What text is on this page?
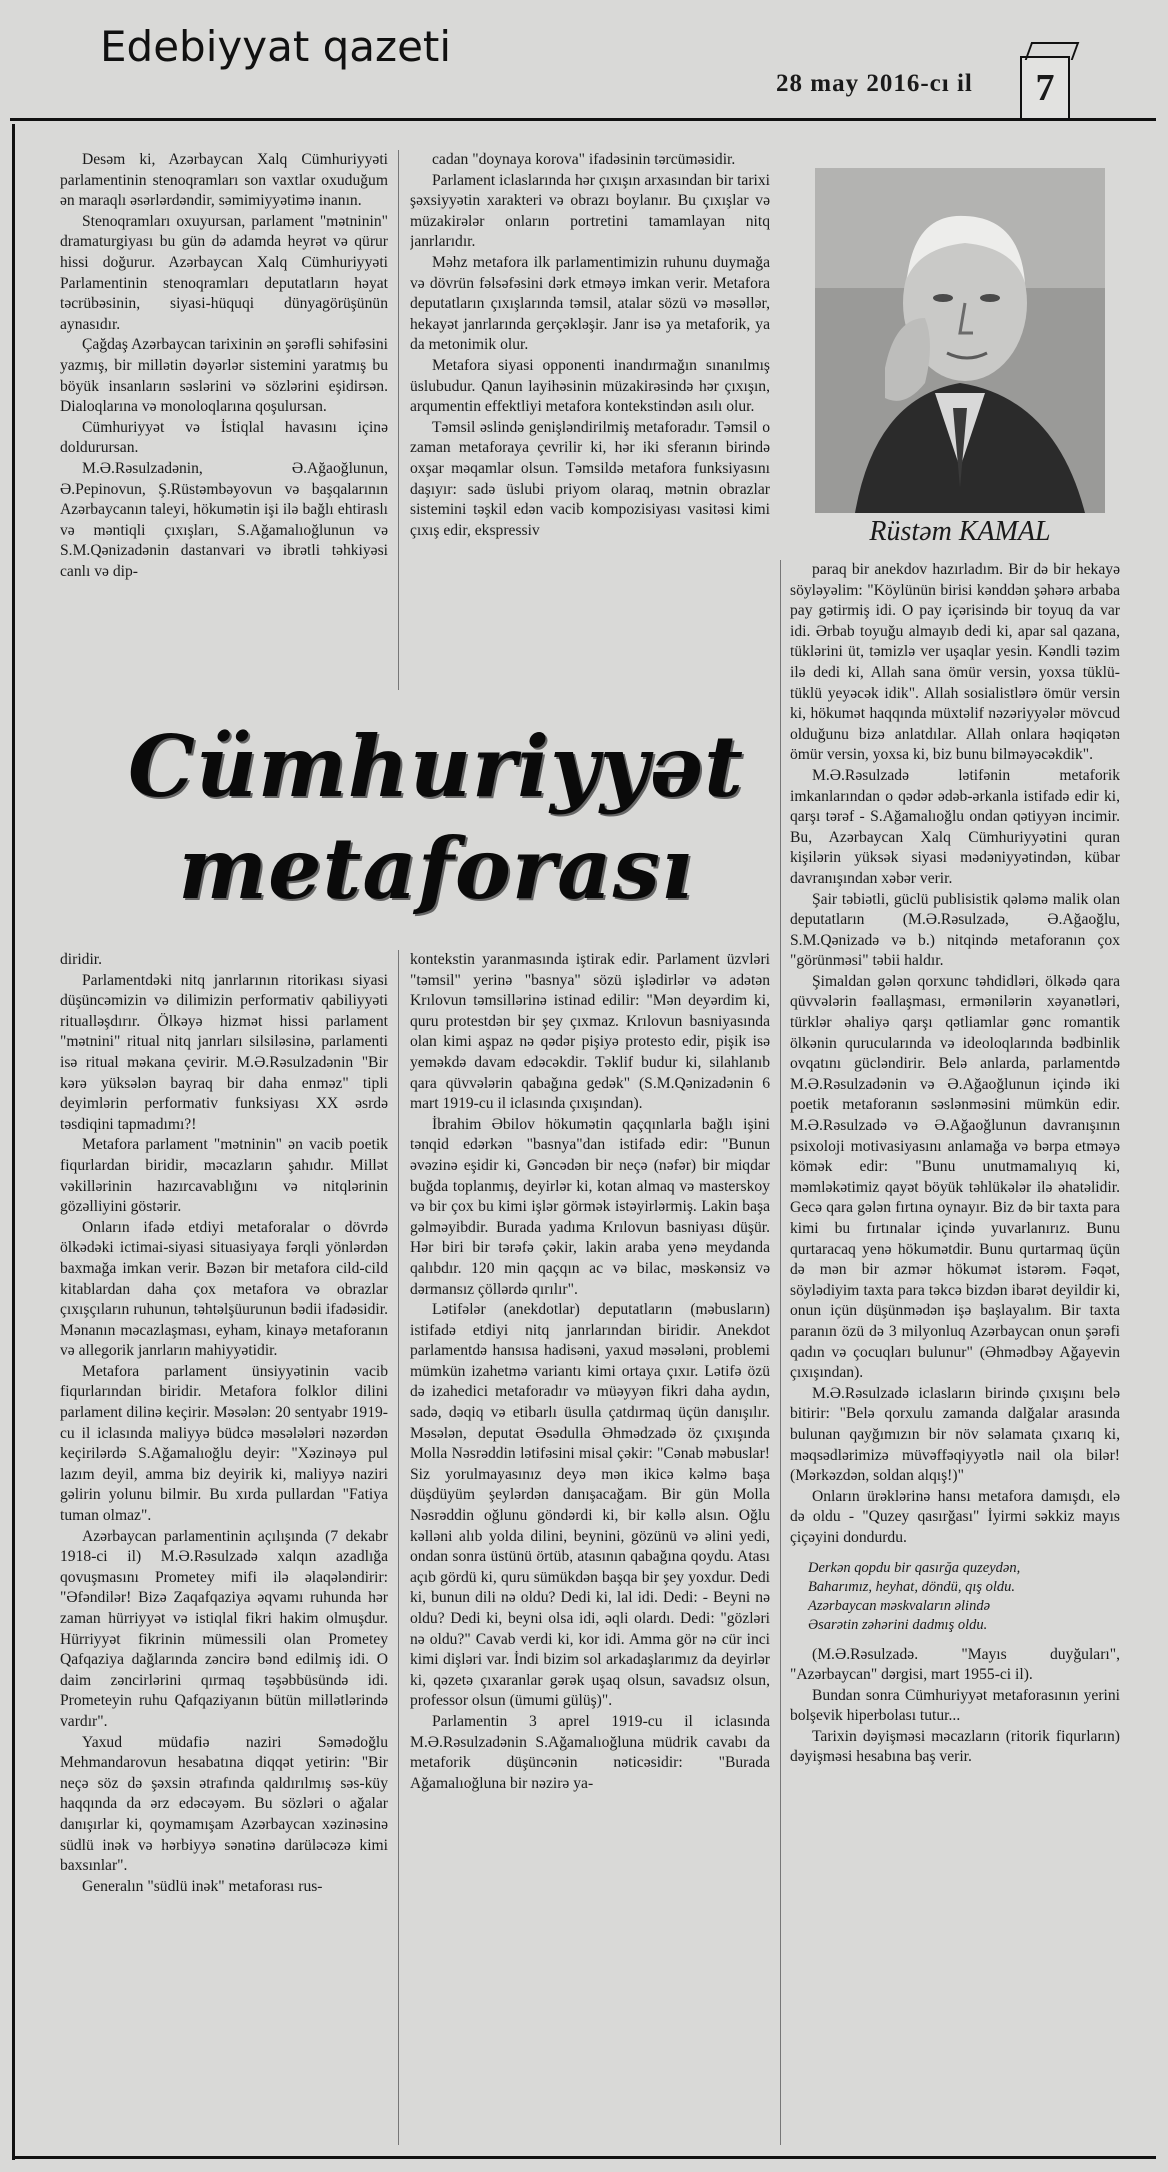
Edebiyyat qazeti
28 may 2016-cı il	7

Desəm ki, Azərbaycan Xalq Cümhuriyyəti parlamentinin stenoqramları son vaxtlar oxuduğum ən maraqlı əsərlərdəndir, səmimiyyətimə inanın.

Stenoqramları oxuyursan, parlament "mətninin" dramaturgiyası bu gün də adamda heyrət və qürur hissi doğurur. Azərbaycan Xalq Cümhuriyyəti Parlamentinin stenoqramları deputatların həyat təcrübəsinin, siyasi-hüquqi dünyagörüşünün aynasıdır.

Çağdaş Azərbaycan tarixinin ən şərəfli səhifəsini yazmış, bir millətin dəyərlər sistemini yaratmış bu böyük insanların səslərini və sözlərini eşidirsən. Dialoqlarına və monoloqlarına qoşulursan.

Cümhuriyyət və İstiqlal havasını içinə doldurursan.

M.Ə.Rəsulzadənin, Ə.Ağaoğlunun, Ə.Pepinovun, Ş.Rüstəmbəyovun və başqalarının Azərbaycanın taleyi, hökumətin işi ilə bağlı ehtiraslı və məntiqli çıxışları, S.Ağamalıoğlunun və S.M.Qənizadənin dastanvari və ibrətli təhkiyəsi canlı və dip-

cadan "doynaya korova" ifadəsinin tərcüməsidir.

Parlament iclaslarında hər çıxışın arxasından bir tarixi şəxsiyyətin xarakteri və obrazı boylanır. Bu çıxışlar və müzakirələr onların portretini tamamlayan nitq janrlarıdır.

Məhz metafora ilk parlamentimizin ruhunu duymağa və dövrün fəlsəfəsini dərk etməyə imkan verir. Metafora deputatların çıxışlarında təmsil, atalar sözü və məsəllər, hekayət janrlarında gerçəkləşir. Janr isə ya metaforik, ya da metonimik olur.

Metafora siyasi opponenti inandırmağın sınanılmış üslubudur. Qanun layihəsinin müzakirəsində hər çıxışın, arqumentin effektliyi metafora kontekstindən asılı olur.

Təmsil əslində genişləndirilmiş metaforadır. Təmsil o zaman metaforaya çevrilir ki, hər iki sferanın birində oxşar məqamlar olsun. Təmsildə metafora funksiyasını daşıyır: sadə üslubi priyom olaraq, mətnin obrazlar sistemini təşkil edən vacib kompozisiyası vasitəsi kimi çıxış edir, ekspressiv	Rüstəm KAMAL
Cümhuriyyət
metaforası

paraq bir anekdov hazırladım. Bir də bir hekayə söyləyəlim: "Köylünün birisi kənddən şəhərə arbaba pay gətirmiş idi. O pay içərisində bir toyuq da var idi. Ərbab toyuğu almayıb dedi ki, apar sal qazana, tüklərini üt, təmizlə ver uşaqlar yesin. Kəndli təzim ilə dedi ki, Allah sana ömür versin, yoxsa tüklü-tüklü yeyəcək idik". Allah sosialistlərə ömür versin ki, hökumət haqqında müxtəlif nəzəriyyələr mövcud olduğunu bizə anlatdılar. Allah onlara həqiqətən ömür versin, yoxsa ki, biz bunu bilməyəcəkdik".

M.Ə.Rəsulzadə lətifənin metaforik imkanlarından o qədər ədəb-ərkanla istifadə edir ki, qarşı tərəf - S.Ağamalıoğlu ondan qətiyyən incimir. Bu, Azərbaycan Xalq Cümhuriyyətini quran kişilərin yüksək siyasi mədəniyyətindən, kübar davranışından xəbər verir.

Şair təbiətli, güclü publisistik qələmə malik olan deputatların (M.Ə.Rəsulzadə, Ə.Ağaoğlu, S.M.Qənizadə və b.) nitqində metaforanın çox "görünməsi" təbii haldır.

Şimaldan gələn qorxunc təhdidləri, ölkədə qara qüvvələrin fəallaşması, ermənilərin xəyanətləri, türklər əhaliyə qarşı qətliamlar gənc romantik ölkənin qurucularında və ideoloqlarında bədbinlik ovqatını gücləndirir. Belə anlarda, parlamentdə M.Ə.Rəsulzadənin və Ə.Ağaoğlunun içində iki poetik metaforanın səslənməsini mümkün edir. M.Ə.Rəsulzadə və Ə.Ağaoğlunun davranışının psixoloji motivasiyasını anlamağa və bərpa etməyə kömək edir: "Bunu unutmamalıyıq ki, məmləkətimiz qayət böyük təhlükələr ilə əhatəlidir. Gecə qara gələn fırtına oynayır. Biz də bir taxta para kimi bu fırtınalar içində yuvarlanırız. Bunu qurtaracaq yenə hökumətdir. Bunu qurtarmaq üçün də mən bir azmər hökumət istərəm. Fəqət, söylədiyim taxta para təkcə bizdən ibarət deyildir ki, onun içün düşünmədən işə başlayalım. Bir taxta paranın özü də 3 milyonluq Azərbaycan onun şərəfi qadın və çocuqları bulunur" (Əhmədbəy Ağayevin çıxışından).

M.Ə.Rəsulzadə iclasların birində çıxışını belə bitirir: "Belə qorxulu zamanda dalğalar arasında bulunan qayğımızın bir növ səlamata çıxarıq ki, məqsədlərimizə müvəffəqiyyətlə nail ola bilər! (Mərkəzdən, soldan alqış!)"

Onların ürəklərinə hansı metafora damışdı, elə də oldu - "Quzey qasırğası" İyirmi səkkiz mayıs çiçəyini dondurdu.

Derkən qopdu bir qasırğa quzeydən,
Baharımız, heyhat, döndü, qış oldu.
Azərbaycan məskvaların əlində
Əsarətin zəhərini dadmış oldu.

(M.Ə.Rəsulzadə. "Mayıs duyğuları", "Azərbaycan" dərgisi, mart 1955-ci il).

Bundan sonra Cümhuriyyət metaforasının yerini bolşevik hiperbolası tutur...

Tarixin dəyişməsi məcazların (ritorik fiqurların) dəyişməsi hesabına baş verir.

diridir.

Parlamentdəki nitq janrlarının ritorikası siyasi düşüncəmizin və dilimizin performativ qabiliyyəti ritualləşdırır. Ölkəyə hizmət hissi parlament "mətnini" ritual nitq janrları silsiləsinə, parlamenti isə ritual məkana çevirir. M.Ə.Rəsulzadənin "Bir kərə yüksələn bayraq bir daha enməz" tipli deyimlərin performativ funksiyası XX əsrdə təsdiqini tapmadımı?!

Metafora parlament "mətninin" ən vacib poetik fiqurlardan biridir, məcazların şahıdır. Millət vəkillərinin hazırcavablığını və nitqlərinin gözəlliyini göstərir.

Onların ifadə etdiyi metaforalar o dövrdə ölkədəki ictimai-siyasi situasiyaya fərqli yönlərdən baxmağa imkan verir. Bəzən bir metafora cild-cild kitablardan daha çox metafora və obrazlar çıxışçıların ruhunun, təhtəlşüurunun bədii ifadəsidir. Mənanın məcazlaşması, eyham, kinayə metaforanın və allegorik janrların mahiyyətidir.

Metafora parlament ünsiyyətinin vacib fiqurlarından biridir. Metafora folklor dilini parlament dilinə keçirir. Məsələn: 20 sentyabr 1919-cu il iclasında maliyyə büdcə məsələləri nəzərdən keçirilərdə S.Ağamalıoğlu deyir: "Xəzinəyə pul lazım deyil, amma biz deyirik ki, maliyyə naziri gəlirin yolunu bilmir. Bu xırda pullardan "Fatiya tuman olmaz".

Azərbaycan parlamentinin açılışında (7 dekabr 1918-ci il) M.Ə.Rəsulzadə xalqın azadlığa qovuşmasını Prometey mifi ilə əlaqələndirir: "Əfəndilər! Bizə Zaqafqaziya əqvamı ruhunda hər zaman hürriyyət və istiqlal fikri hakim olmuşdur. Hürriyyət fikrinin mümessili olan Prometey Qafqaziya dağlarında zəncirə bənd edilmiş idi. O daim zəncirlərini qırmaq təşəbbüsündə idi. Prometeyin ruhu Qafqaziyanın bütün millətlərində vardır".

Yaxud müdafiə naziri Səmədoğlu Mehmandarovun hesabatına diqqət yetirin: "Bir neçə söz də şəxsin ətrafında qaldırılmış səs-küy haqqında da ərz edəcəyəm. Bu sözləri o ağalar danışırlar ki, qoymamışam Azərbaycan xəzinəsinə südlü inək və hərbiyyə sənətinə darüləcəzə kimi baxsınlar".

Generalın "südlü inək" metaforası rus-

kontekstin yaranmasında iştirak edir. Parlament üzvləri "təmsil" yerinə "basnya" sözü işlədirlər və adətən Krılovun təmsillərinə istinad edilir: "Mən deyərdim ki, quru protestdən bir şey çıxmaz. Krılovun basniyasında olan kimi aşpaz nə qədər pişiyə protesto edir, pişik isə yeməkdə davam edəcəkdir. Təklif budur ki, silahlanıb qara qüvvələrin qabağına gedək" (S.M.Qənizadənin 6 mart 1919-cu il iclasında çıxışından).

İbrahim Əbilov hökumətin qaçqınlarla bağlı işini tənqid edərkən "basnya"dan istifadə edir: "Bunun əvəzinə eşidir ki, Gəncədən bir neçə (nəfər) bir miqdar buğda toplanmış, deyirlər ki, kotan almaq və masterskoy və bir çox bu kimi işlər görmək istəyirlərmiş. Lakin başa gəlməyibdir. Burada yadıma Krılovun basniyası düşür. Hər biri bir tərəfə çəkir, lakin araba yenə meydanda qalıbdır. 120 min qaçqın ac və bilac, məskənsiz və dərmansız çöllərdə qırılır".

Lətifələr (anekdotlar) deputatların (məbusların) istifadə etdiyi nitq janrlarından biridir. Anekdot parlamentdə hansısa hadisəni, yaxud məsələni, problemi mümkün izahetmə variantı kimi ortaya çıxır. Lətifə özü də izahedici metaforadır və müəyyən fikri daha aydın, sadə, dəqiq və etibarlı üsulla çatdırmaq üçün danışılır. Məsələn, deputat Əsədulla Əhmədzadə öz çıxışında Molla Nəsrəddin lətifəsini misal çəkir: "Cənab məbuslar! Siz yorulmayasınız deyə mən ikicə kəlmə başa düşdüyüm şeylərdən danışacağam. Bir gün Molla Nəsrəddin oğlunu göndərdi ki, bir kəllə alsın. Oğlu kəlləni alıb yolda dilini, beynini, gözünü və əlini yedi, ondan sonra üstünü örtüb, atasının qabağına qoydu. Atası açıb gördü ki, quru sümükdən başqa bir şey yoxdur. Dedi ki, bunun dili nə oldu? Dedi ki, lal idi. Dedi: - Beyni nə oldu? Dedi ki, beyni olsa idi, əqli olardı. Dedi: "gözləri nə oldu?" Cavab verdi ki, kor idi. Amma gör nə cür inci kimi dişləri var. İndi bizim sol arkadaşlarımız da deyirlər ki, qəzetə çıxaranlar gərək uşaq olsun, savadsız olsun, professor olsun (ümumi gülüş)".

Parlamentin 3 aprel 1919-cu il iclasında M.Ə.Rəsulzadənin S.Ağamalıoğluna müdrik cavabı da metaforik düşüncənin nəticəsidir: "Burada Ağamalıoğluna bir nəzirə ya-
